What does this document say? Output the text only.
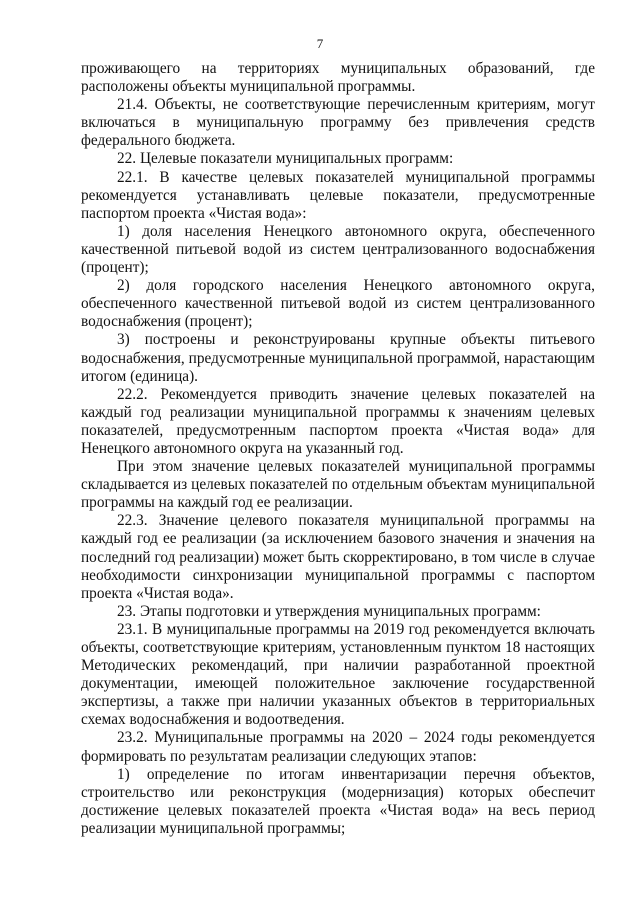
7

проживающего на территориях муниципальных образований, где расположены объекты муниципальной программы.

21.4. Объекты, не соответствующие перечисленным критериям, могут включаться в муниципальную программу без привлечения средств федерального бюджета.

22. Целевые показатели муниципальных программ:

22.1. В качестве целевых показателей муниципальной программы рекомендуется устанавливать целевые показатели, предусмотренные паспортом проекта «Чистая вода»:

1) доля населения Ненецкого автономного округа, обеспеченного качественной питьевой водой из систем централизованного водоснабжения (процент);

2) доля городского населения Ненецкого автономного округа, обеспеченного качественной питьевой водой из систем централизованного водоснабжения (процент);

3) построены и реконструированы крупные объекты питьевого водоснабжения, предусмотренные муниципальной программой, нарастающим итогом (единица).

22.2. Рекомендуется приводить значение целевых показателей на каждый год реализации муниципальной программы к значениям целевых показателей, предусмотренным паспортом проекта «Чистая вода» для Ненецкого автономного округа на указанный год.

При этом значение целевых показателей муниципальной программы складывается из целевых показателей по отдельным объектам муниципальной программы на каждый год ее реализации.

22.3. Значение целевого показателя муниципальной программы на каждый год ее реализации (за исключением базового значения и значения на последний год реализации) может быть скорректировано, в том числе в случае необходимости синхронизации муниципальной программы с паспортом проекта «Чистая вода».

23. Этапы подготовки и утверждения муниципальных программ:

23.1. В муниципальные программы на 2019 год рекомендуется включать объекты, соответствующие критериям, установленным пунктом 18 настоящих Методических рекомендаций, при наличии разработанной проектной документации, имеющей положительное заключение государственной экспертизы, а также при наличии указанных объектов в территориальных схемах водоснабжения и водоотведения.

23.2. Муниципальные программы на 2020 – 2024 годы рекомендуется формировать по результатам реализации следующих этапов:

1) определение по итогам инвентаризации перечня объектов, строительство или реконструкция (модернизация) которых обеспечит достижение целевых показателей проекта «Чистая вода» на весь период реализации муниципальной программы;
